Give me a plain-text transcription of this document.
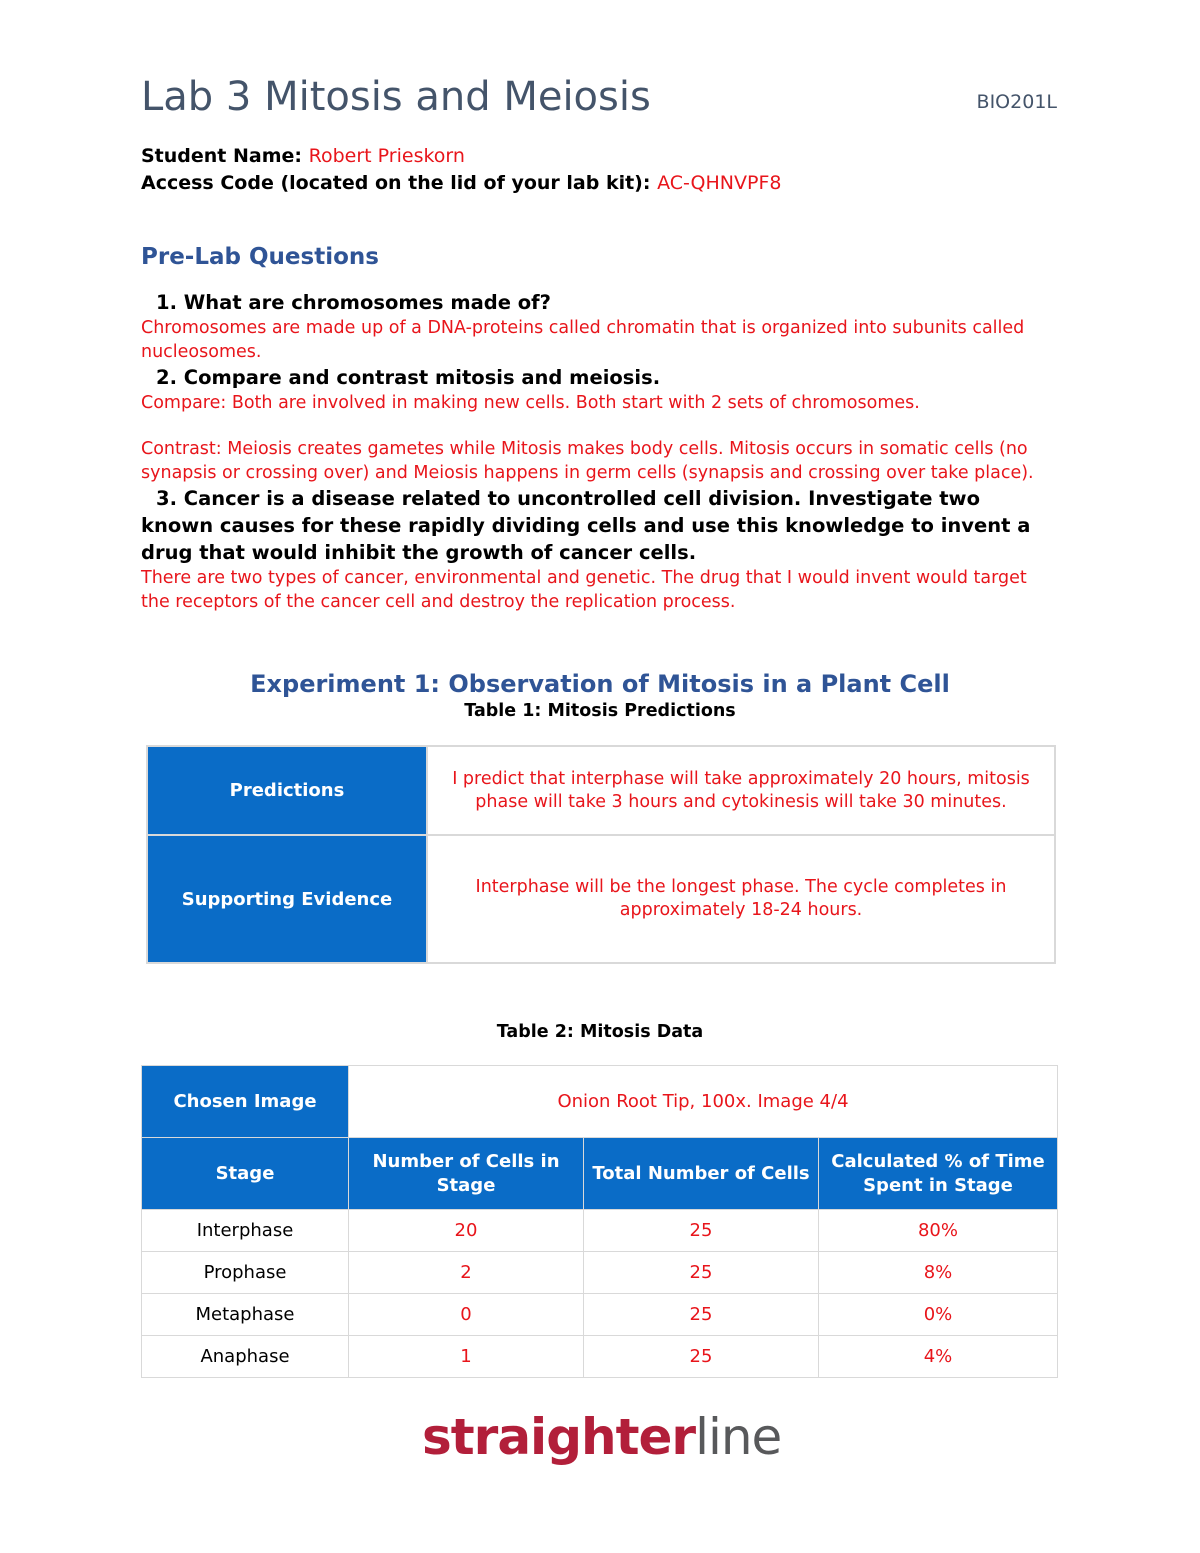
Lab 3 Mitosis and Meiosis	BIO201L
Student Name: Robert Prieskorn
Access Code (located on the lid of your lab kit): AC-QHNVPF8
Pre-Lab Questions
1. What are chromosomes made of?
Chromosomes are made up of a DNA-proteins called chromatin that is organized into subunits called nucleosomes.
2. Compare and contrast mitosis and meiosis.
Compare: Both are involved in making new cells. Both start with 2 sets of chromosomes.
Contrast: Meiosis creates gametes while Mitosis makes body cells. Mitosis occurs in somatic cells (no synapsis or crossing over) and Meiosis happens in germ cells (synapsis and crossing over take place).
3. Cancer is a disease related to uncontrolled cell division. Investigate two known causes for these rapidly dividing cells and use this knowledge to invent a drug that would inhibit the growth of cancer cells.
There are two types of cancer, environmental and genetic. The drug that I would invent would target the receptors of the cancer cell and destroy the replication process.
Experiment 1: Observation of Mitosis in a Plant Cell
Table 1: Mitosis Predictions
Predictions	I predict that interphase will take approximately 20 hours, mitosis phase will take 3 hours and cytokinesis will take 30 minutes.
Supporting Evidence	Interphase will be the longest phase. The cycle completes in approximately 18-24 hours.
Table 2: Mitosis Data
Chosen Image	Onion Root Tip, 100x. Image 4/4		
Stage	Number of Cells in Stage	Total Number of Cells	Calculated % of Time Spent in Stage
Interphase	20	25	80%
Prophase	2	25	8%
Metaphase	0	25	0%
Anaphase	1	25	4%
straighterline
